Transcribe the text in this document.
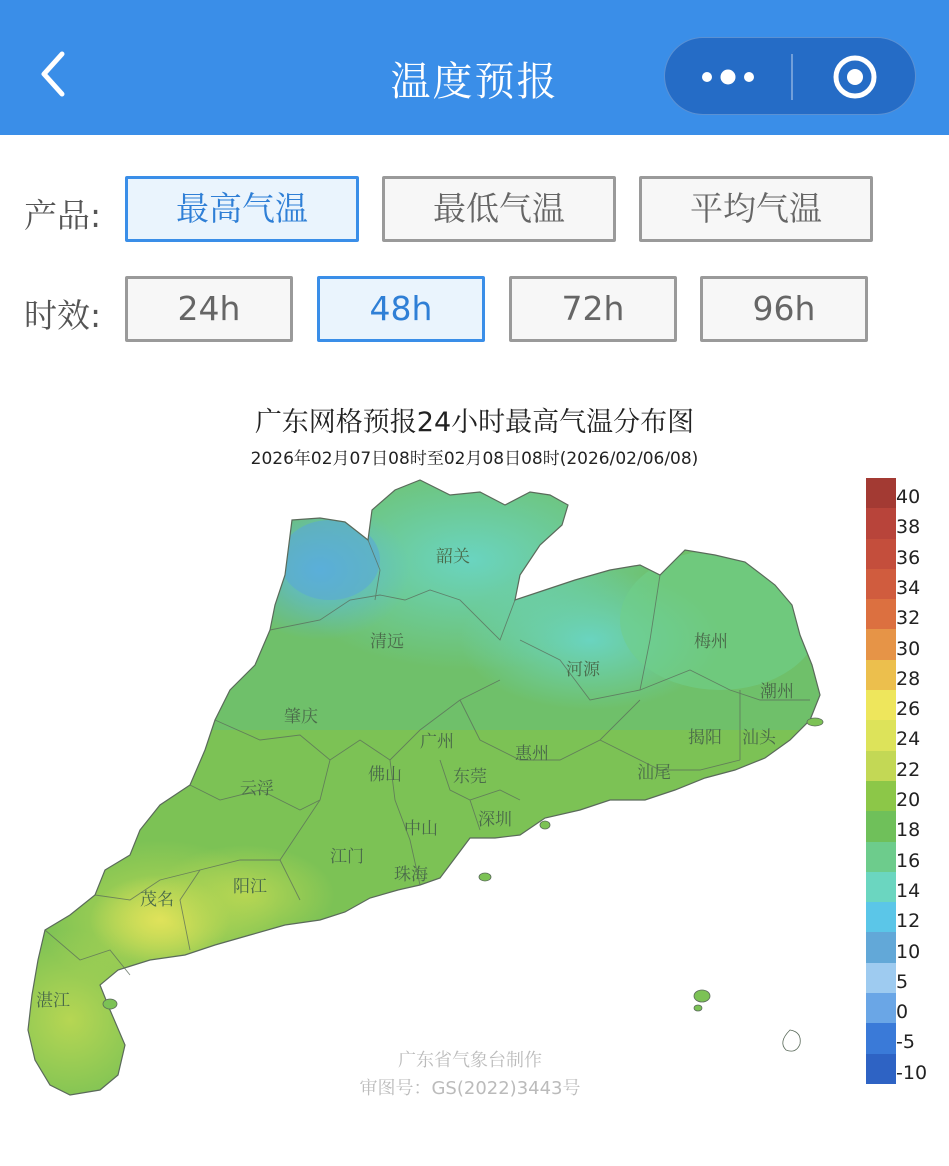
温度预报
产品:	最高气温	最低气温	平均气温
时效:	24h	48h	72h	96h
广东网格预报24小时最高气温分布图
2026年02月07日08时至02月08日08时(2026/02/06/08)
韶关
清远
河源
梅州
潮州
肇庆
广州
惠州
揭阳 汕头
云浮
佛山	东莞	汕尾
中山 深圳
江门
珠海
茂名
阳江
湛江
40
38
36
34
32
30
28
26
24
22
20
18
16
14
12
10
5
0
-5
-10
广东省气象台制作
审图号：GS(2022)3443号
